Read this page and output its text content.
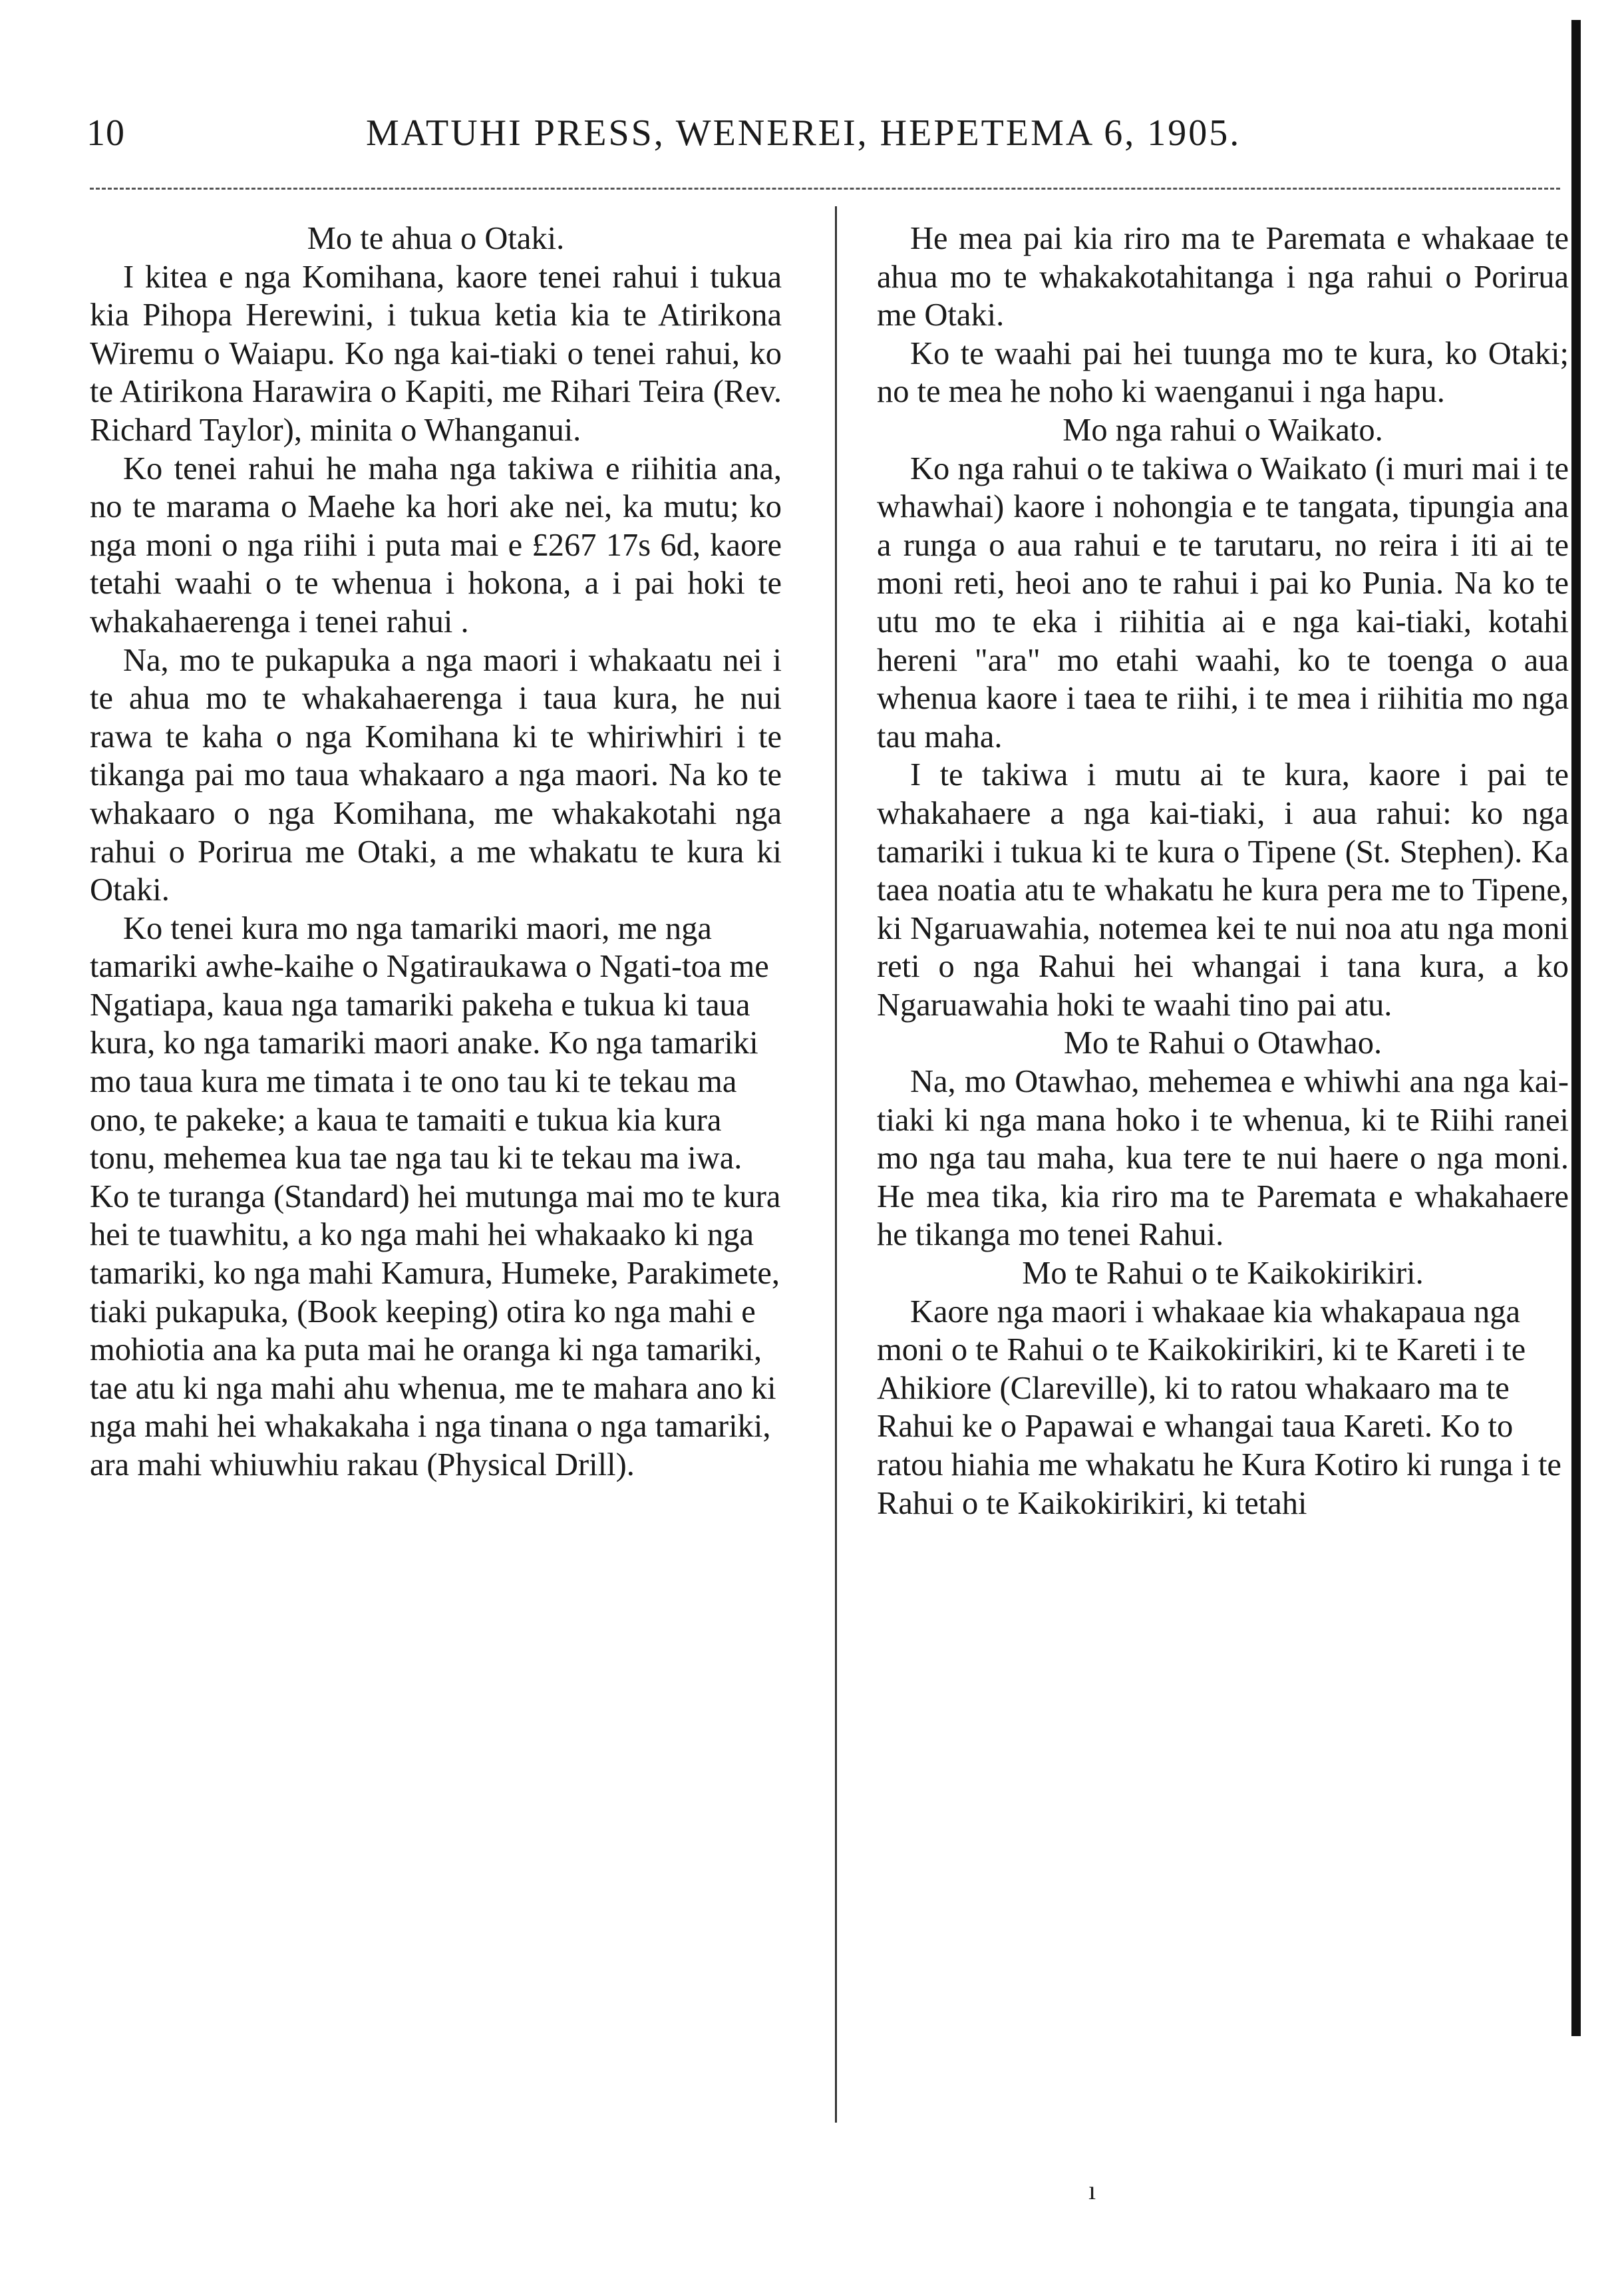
10	MATUHI PRESS, WENEREI, HEPETEMA 6, 1905.

Mo te ahua o Otaki.

I kitea e nga Komihana, kaore tenei rahui i tukua kia Pihopa Herewini, i tukua ketia kia te Atirikona Wiremu o Waiapu. Ko nga kai-tiaki o tenei rahui, ko te Atirikona Harawira o Kapiti, me Rihari Teira (Rev. Richard Taylor), minita o Whanganui.

Ko tenei rahui he maha nga takiwa e riihitia ana, no te marama o Maehe ka hori ake nei, ka mutu; ko nga moni o nga riihi i puta mai e £267 17s 6d, kaore tetahi waahi o te whenua i hokona, a i pai hoki te whakahaerenga i tenei rahui .

Na, mo te pukapuka a nga maori i whakaatu nei i te ahua mo te whakahaerenga i taua kura, he nui rawa te kaha o nga Komihana ki te whiriwhiri i te tikanga pai mo taua whakaaro a nga maori. Na ko te whakaaro o nga Komihana, me whakakotahi nga rahui o Porirua me Otaki, a me whakatu te kura ki Otaki.

Ko tenei kura mo nga tamariki maori, me nga tamariki awhe-kaihe o Ngatiraukawa o Ngati-toa me Ngatiapa, kaua nga tamariki pakeha e tukua ki taua kura, ko nga tamariki maori anake. Ko nga tamariki mo taua kura me timata i te ono tau ki te tekau ma ono, te pakeke; a kaua te tamaiti e tukua kia kura tonu, mehemea kua tae nga tau ki te tekau ma iwa. Ko te turanga (Standard) hei mutunga mai mo te kura hei te tuawhitu, a ko nga mahi hei whakaako ki nga tamariki, ko nga mahi Kamura, Humeke, Parakimete, tiaki pukapuka, (Book keeping) otira ko nga mahi e mohiotia ana ka puta mai he oranga ki nga tamariki, tae atu ki nga mahi ahu whenua, me te mahara ano ki nga mahi hei whakakaha i nga tinana o nga tamariki, ara mahi whiuwhiu rakau (Physical Drill).

He mea pai kia riro ma te Paremata e whakaae te ahua mo te whakakotahitanga i nga rahui o Porirua me Otaki.

Ko te waahi pai hei tuunga mo te kura, ko Otaki; no te mea he noho ki waenganui i nga hapu.

Mo nga rahui o Waikato.

Ko nga rahui o te takiwa o Waikato (i muri mai i te whawhai) kaore i nohongia e te tangata, tipungia ana a runga o aua rahui e te tarutaru, no reira i iti ai te moni reti, heoi ano te rahui i pai ko Punia. Na ko te utu mo te eka i riihitia ai e nga kai-tiaki, kotahi hereni "ara" mo etahi waahi, ko te toenga o aua whenua kaore i taea te riihi, i te mea i riihitia mo nga tau maha.

I te takiwa i mutu ai te kura, kaore i pai te whakahaere a nga kai-tiaki, i aua rahui: ko nga tamariki i tukua ki te kura o Tipene (St. Stephen). Ka taea noatia atu te whakatu he kura pera me to Tipene, ki Ngaruawahia, notemea kei te nui noa atu nga moni reti o nga Rahui hei whangai i tana kura, a ko Ngaruawahia hoki te waahi tino pai atu.

Mo te Rahui o Otawhao.

Na, mo Otawhao, mehemea e whiwhi ana nga kai-tiaki ki nga mana hoko i te whenua, ki te Riihi ranei mo nga tau maha, kua tere te nui haere o nga moni. He mea tika, kia riro ma te Paremata e whakahaere he tikanga mo tenei Rahui.

Mo te Rahui o te Kaikokirikiri.

Kaore nga maori i whakaae kia whakapaua nga moni o te Rahui o te Kaikokirikiri, ki te Kareti i te Ahikiore (Clareville), ki to ratou whakaaro ma te Rahui ke o Papawai e whangai taua Kareti. Ko to ratou hiahia me whakatu he Kura Kotiro ki runga i te Rahui o te Kaikokirikiri, ki tetahi

ı
